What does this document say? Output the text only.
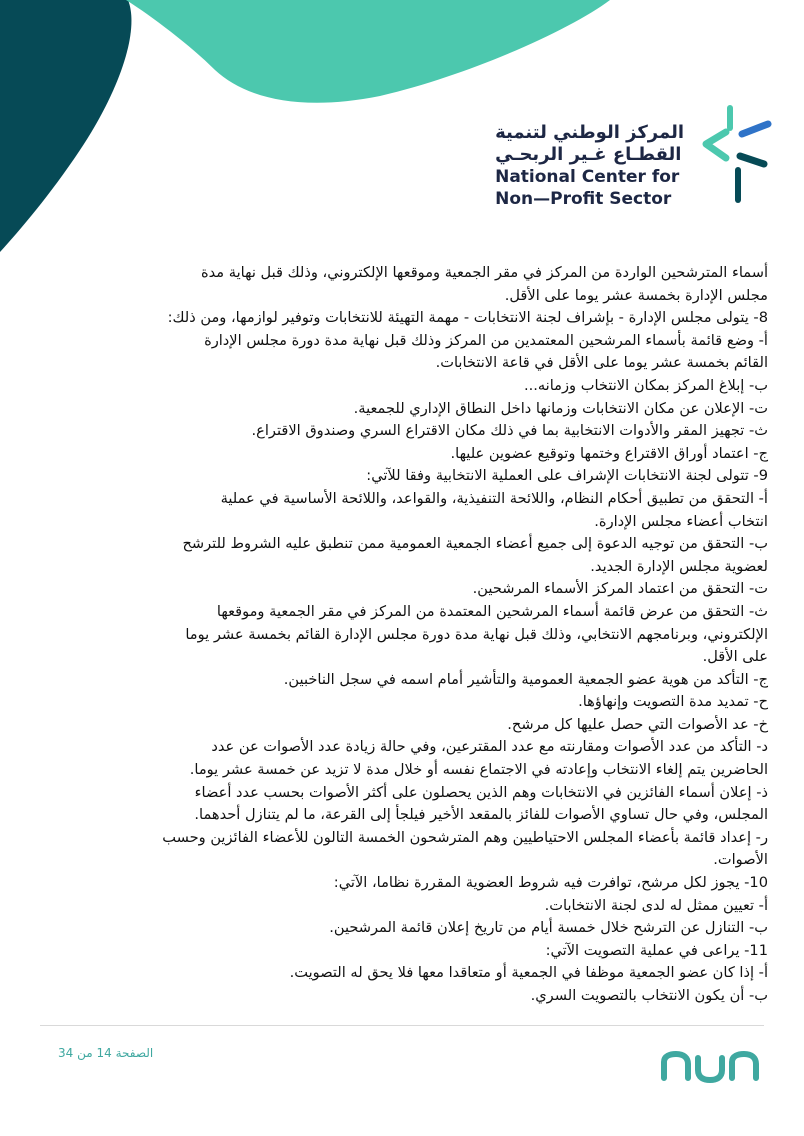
المركز الوطني لتنمية
القطـاع غـير الربحـي
National Center for
Non—Profit Sector
أسماء المترشحين الواردة من المركز في مقر الجمعية وموقعها الإلكتروني، وذلك قبل نهاية مدة
مجلس الإدارة بخمسة عشر يوما على الأقل.
8- يتولى مجلس الإدارة - بإشراف لجنة الانتخابات - مهمة التهيئة للانتخابات وتوفير لوازمها، ومن ذلك:
أ- وضع قائمة بأسماء المرشحين المعتمدين من المركز وذلك قبل نهاية مدة دورة مجلس الإدارة
القائم بخمسة عشر يوما على الأقل في قاعة الانتخابات.
ب- إبلاغ المركز بمكان الانتخاب وزمانه...
ت- الإعلان عن مكان الانتخابات وزمانها داخل النطاق الإداري للجمعية.
ث- تجهيز المقر والأدوات الانتخابية بما في ذلك مكان الاقتراع السري وصندوق الاقتراع.
ج- اعتماد أوراق الاقتراع وختمها وتوقيع عضوين عليها.
9- تتولى لجنة الانتخابات الإشراف على العملية الانتخابية وفقا للآتي:
أ- التحقق من تطبيق أحكام النظام، واللائحة التنفيذية، والقواعد، واللائحة الأساسية في عملية
انتخاب أعضاء مجلس الإدارة.
ب- التحقق من توجيه الدعوة إلى جميع أعضاء الجمعية العمومية ممن تنطبق عليه الشروط للترشح
لعضوية مجلس الإدارة الجديد.
ت- التحقق من اعتماد المركز الأسماء المرشحين.
ث- التحقق من عرض قائمة أسماء المرشحين المعتمدة من المركز في مقر الجمعية وموقعها
الإلكتروني، وبرنامجهم الانتخابي، وذلك قبل نهاية مدة دورة مجلس الإدارة القائم بخمسة عشر يوما
على الأقل.
ج- التأكد من هوية عضو الجمعية العمومية والتأشير أمام اسمه في سجل الناخبين.
ح- تمديد مدة التصويت وإنهاؤها.
خ- عد الأصوات التي حصل عليها كل مرشح.
د- التأكد من عدد الأصوات ومقارنته مع عدد المقترعين، وفي حالة زيادة عدد الأصوات عن عدد
الحاضرين يتم إلغاء الانتخاب وإعادته في الاجتماع نفسه أو خلال مدة لا تزيد عن خمسة عشر يوما.
ذ- إعلان أسماء الفائزين في الانتخابات وهم الذين يحصلون على أكثر الأصوات بحسب عدد أعضاء
المجلس، وفي حال تساوي الأصوات للفائز بالمقعد الأخير فيلجأ إلى القرعة، ما لم يتنازل أحدهما.
ر- إعداد قائمة بأعضاء المجلس الاحتياطيين وهم المترشحون الخمسة التالون للأعضاء الفائزين وحسب
الأصوات.
10- يجوز لكل مرشح، توافرت فيه شروط العضوية المقررة نظاما، الآتي:
أ- تعيين ممثل له لدى لجنة الانتخابات.
ب- التنازل عن الترشح خلال خمسة أيام من تاريخ إعلان قائمة المرشحين.
11- يراعى في عملية التصويت الآتي:
أ- إذا كان عضو الجمعية موظفا في الجمعية أو متعاقدا معها فلا يحق له التصويت.
ب- أن يكون الانتخاب بالتصويت السري.
الصفحة 14 من 34
